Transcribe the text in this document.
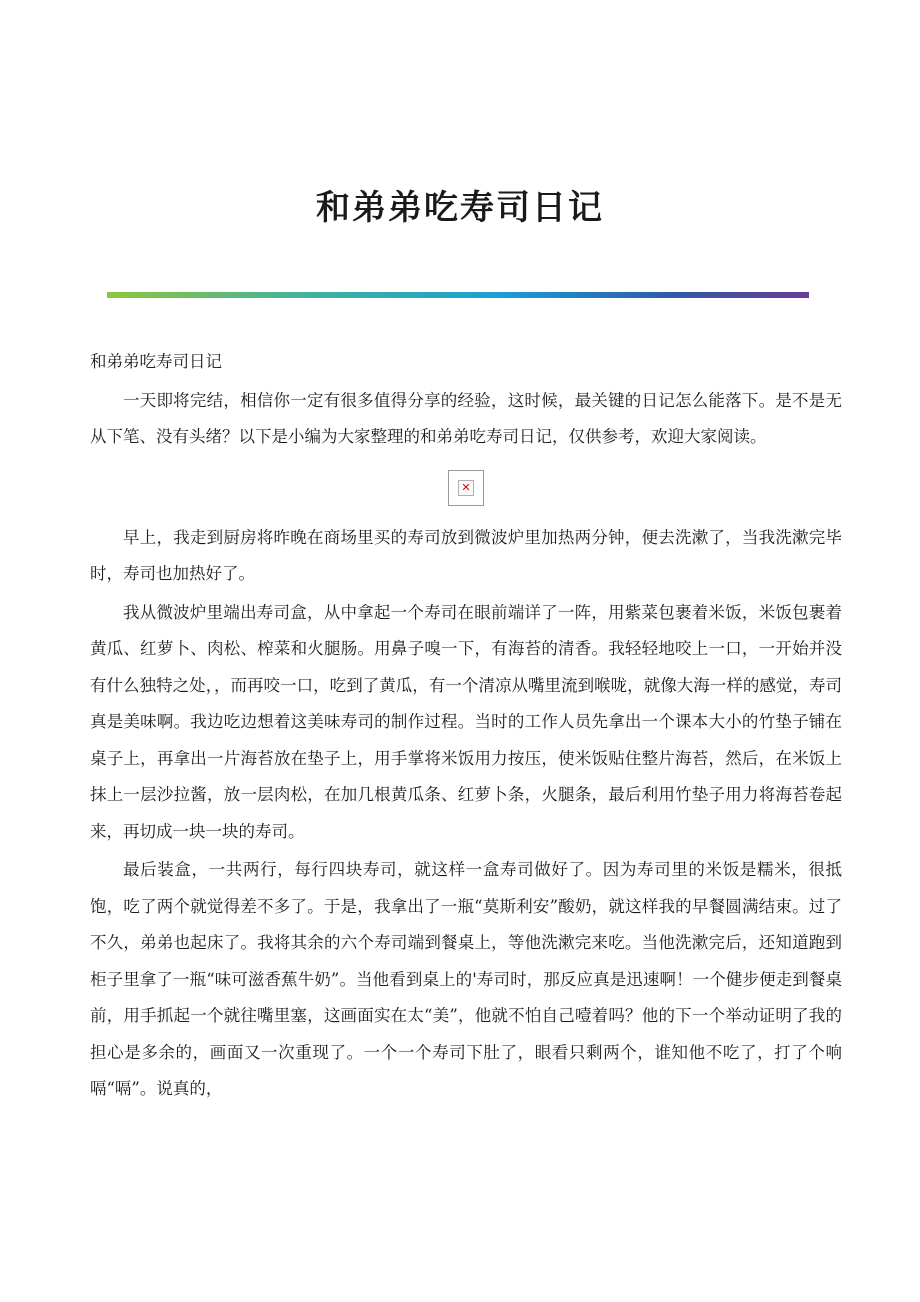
和弟弟吃寿司日记

和弟弟吃寿司日记

一天即将完结，相信你一定有很多值得分享的经验，这时候，最关键的日记怎么能落下。是不是无从下笔、没有头绪？以下是小编为大家整理的和弟弟吃寿司日记，仅供参考，欢迎大家阅读。

✕

早上，我走到厨房将昨晚在商场里买的寿司放到微波炉里加热两分钟，便去洗漱了，当我洗漱完毕时，寿司也加热好了。

我从微波炉里端出寿司盒，从中拿起一个寿司在眼前端详了一阵，用紫菜包裹着米饭，米饭包裹着黄瓜、红萝卜、肉松、榨菜和火腿肠。用鼻子嗅一下，有海苔的清香。我轻轻地咬上一口，一开始并没有什么独特之处，，而再咬一口，吃到了黄瓜，有一个清凉从嘴里流到喉咙，就像大海一样的感觉，寿司真是美味啊。我边吃边想着这美味寿司的制作过程。当时的工作人员先拿出一个课本大小的竹垫子铺在桌子上，再拿出一片海苔放在垫子上，用手掌将米饭用力按压，使米饭贴住整片海苔，然后，在米饭上抹上一层沙拉酱，放一层肉松，在加几根黄瓜条、红萝卜条，火腿条，最后利用竹垫子用力将海苔卷起来，再切成一块一块的寿司。

最后装盒，一共两行，每行四块寿司，就这样一盒寿司做好了。因为寿司里的米饭是糯米，很抵饱，吃了两个就觉得差不多了。于是，我拿出了一瓶“莫斯利安”酸奶，就这样我的早餐圆满结束。过了不久，弟弟也起床了。我将其余的六个寿司端到餐桌上，等他洗漱完来吃。当他洗漱完后，还知道跑到柜子里拿了一瓶“味可滋香蕉牛奶”。当他看到桌上的'寿司时，那反应真是迅速啊！一个健步便走到餐桌前，用手抓起一个就往嘴里塞，这画面实在太“美”，他就不怕自己噎着吗？他的下一个举动证明了我的担心是多余的，画面又一次重现了。一个一个寿司下肚了，眼看只剩两个，谁知他不吃了，打了个响嗝“嗝”。说真的，
